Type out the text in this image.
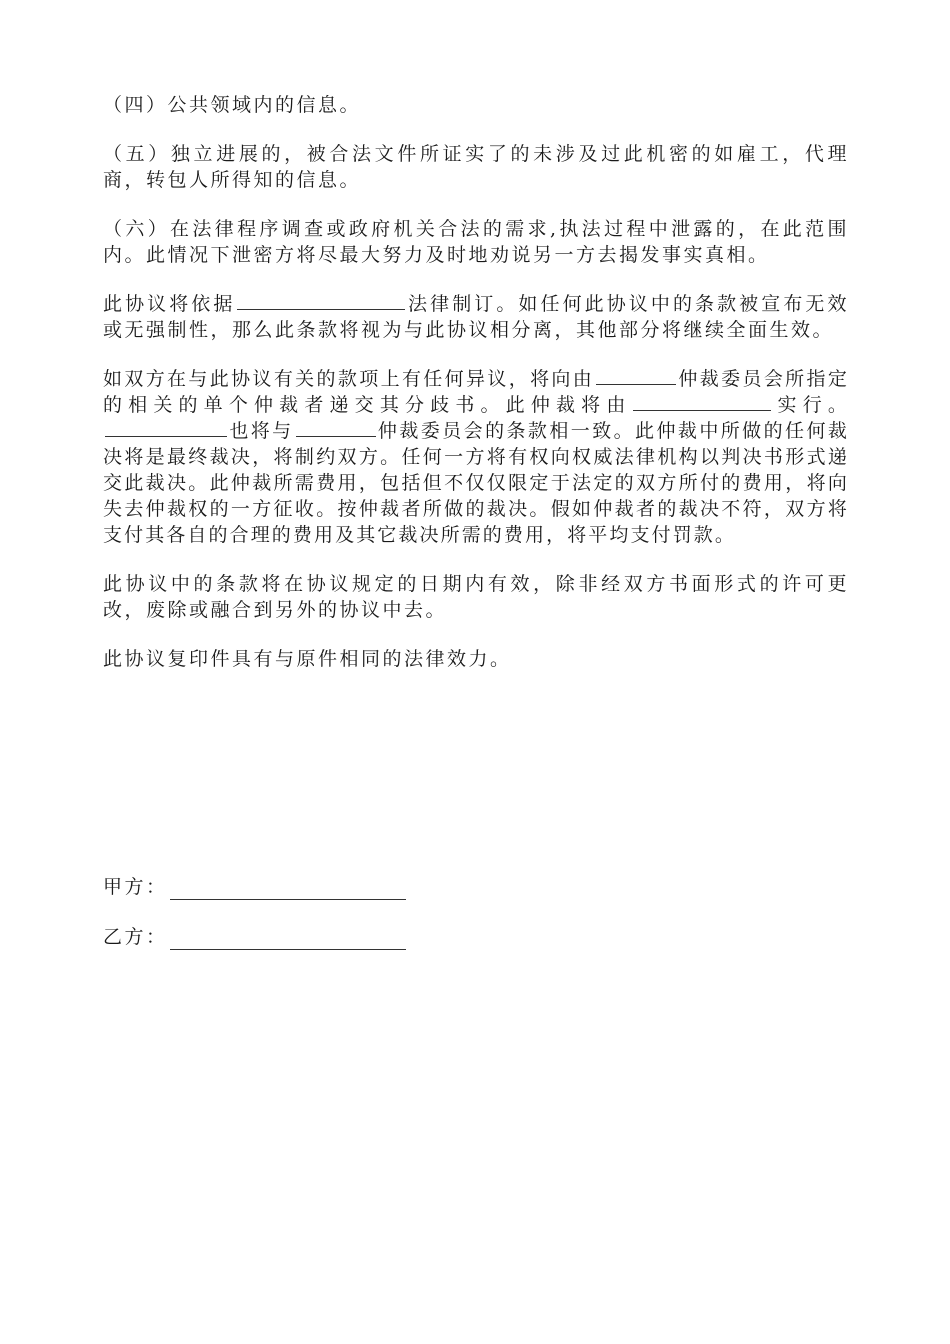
（四）公共领域内的信息。

（五）独立进展的，被合法文件所证实了的未涉及过此机密的如雇工，代理商，转包人所得知的信息。

（六）在法律程序调查或政府机关合法的需求,执法过程中泄露的，在此范围内。此情况下泄密方将尽最大努力及时地劝说另一方去揭发事实真相。

此协议将依据	法律制订。如任何此协议中的条款被宣布无效或无强制性，那么此条款将视为与此协议相分离，其他部分将继续全面生效。

如双方在与此协议有关的款项上有任何异议，将向由	仲裁委员会所指定的相关的单个仲裁者递交其分歧书。此仲裁将由	实行。也将与	仲裁委员会的条款相一致。此仲裁中所做的任何裁决将是最终裁决，将制约双方。任何一方将有权向权威法律机构以判决书形式递交此裁决。此仲裁所需费用，包括但不仅仅限定于法定的双方所付的费用，将向失去仲裁权的一方征收。按仲裁者所做的裁决。假如仲裁者的裁决不符，双方将支付其各自的合理的费用及其它裁决所需的费用，将平均支付罚款。

此协议中的条款将在协议规定的日期内有效，除非经双方书面形式的许可更改，废除或融合到另外的协议中去。

此协议复印件具有与原件相同的法律效力。

甲方：
乙方：
